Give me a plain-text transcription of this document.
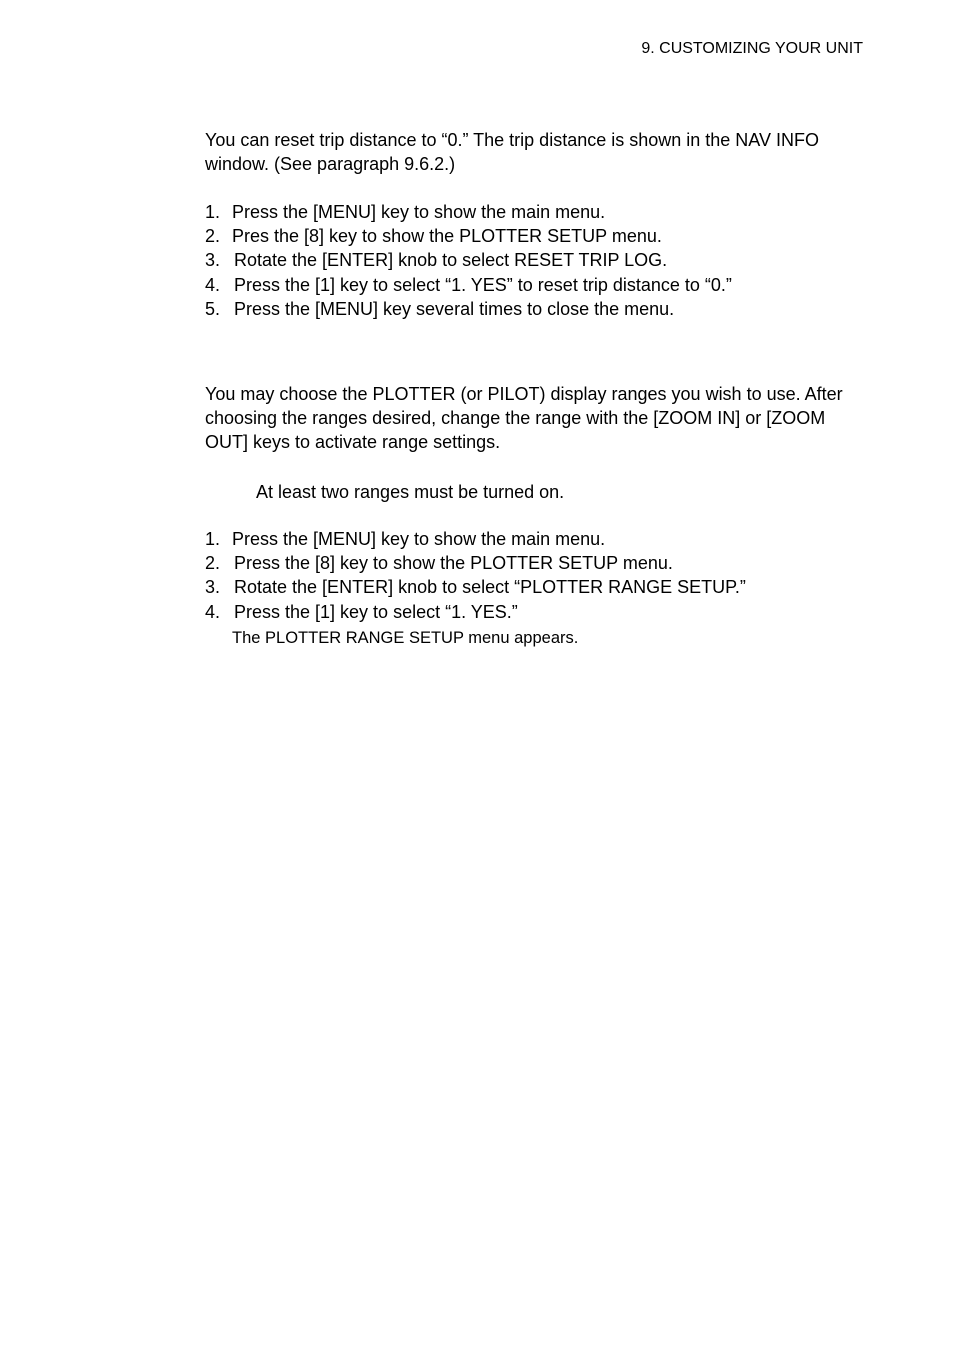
9. CUSTOMIZING YOUR UNIT

You can reset trip distance to “0.” The trip distance is shown in the NAV INFO window. (See paragraph 9.6.2.)

1. Press the [MENU] key to show the main menu.
2. Pres the [8] key to show the PLOTTER SETUP menu.
3. Rotate the [ENTER] knob to select RESET TRIP LOG.
4. Press the [1] key to select “1. YES” to reset trip distance to “0.”
5. Press the [MENU] key several times to close the menu.

You may choose the PLOTTER (or PILOT) display ranges you wish to use. After choosing the ranges desired, change the range with the [ZOOM IN] or [ZOOM OUT] keys to activate range settings.

At least two ranges must be turned on.
1. Press the [MENU] key to show the main menu.
2. Press the [8] key to show the PLOTTER SETUP menu.
3. Rotate the [ENTER] knob to select “PLOTTER RANGE SETUP.”
4. Press the [1] key to select “1. YES.”
The PLOTTER RANGE SETUP menu appears.
